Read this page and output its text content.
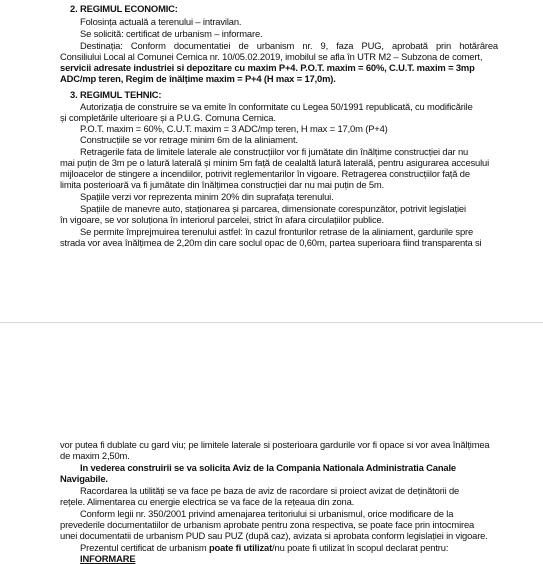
2. REGIMUL ECONOMIC:
Folosința actuală a terenului – intravilan.
Se solicită: certificat de urbanism – informare.
Destinația: Conform documentatiei de urbanism nr. 9, faza PUG, aprobată prin hotărârea
Consiliului Local al Comunei Cernica nr. 10/05.02.2019, imobilul se afla în UTR M2 – Subzona de comert,
servicii adresate industriei si depozitare cu maxim P+4. P.O.T. maxim = 60%, C.U.T. maxim = 3mp
ADC/mp teren, Regim de înălțime maxim = P+4 (H max = 17,0m).
3. REGIMUL TEHNIC:
Autorizația de construire se va emite în conformitate cu Legea 50/1991 republicată, cu modificările
și completările ulterioare și a P.U.G. Comuna Cernica.
P.O.T. maxim = 60%, C.U.T. maxim = 3 ADC/mp teren, H max = 17,0m (P+4)
Construcțiile se vor retrage minim 6m de la aliniament.
Retragerile fata de limitele laterale ale construcțiilor vor fi jumătate din înălțime construcției dar nu
mai puțin de 3m pe o latură laterală și minim 5m față de cealaltă latură laterală, pentru asigurarea accesului
mijloacelor de stingere a incendiilor, potrivit reglementarilor în vigoare. Retragerea construcțiilor față de
limita posterioară va fi jumătate din înălțimea construcției dar nu mai puțin de 5m.
Spațiile verzi vor reprezenta minim 20% din suprafața terenului.
Spațiile de manevre auto, staționarea și parcarea, dimensionate corespunzător, potrivit legislației
în vigoare, se vor soluționa în interiorul parcelei, strict în afara circulațiilor publice.
Se permite împrejmuirea terenului astfel: în cazul fronturilor retrase de la aliniament, gardurile spre
strada vor avea înălțimea de 2,20m din care soclul opac de 0,60m, partea superioara fiind transparenta si
vor putea fi dublate cu gard viu; pe limitele laterale si posterioara gardurile vor fi opace si vor avea înălțimea
de maxim 2,50m.
In vederea construirii se va solicita Aviz de la Compania Nationala Administratia Canale
Navigabile.
Racordarea la utilități se va face pe baza de aviz de racordare si proiect avizat de deținătorii de
rețele. Alimentarea cu energie electrica se va face de la rețeaua din zona.
Conform legii nr. 350/2001 privind amenajarea teritoriului si urbanismul, orice modificare de la
prevederile documentatiilor de urbanism aprobate pentru zona respectiva, se poate face prin intocmirea
unei documentatii de urbanism PUD sau PUZ (după caz), avizata si aprobata conform legislației in vigoare.
Prezentul certificat de urbanism poate fi utilizat/nu poate fi utilizat în scopul declarat pentru:
INFORMARE
